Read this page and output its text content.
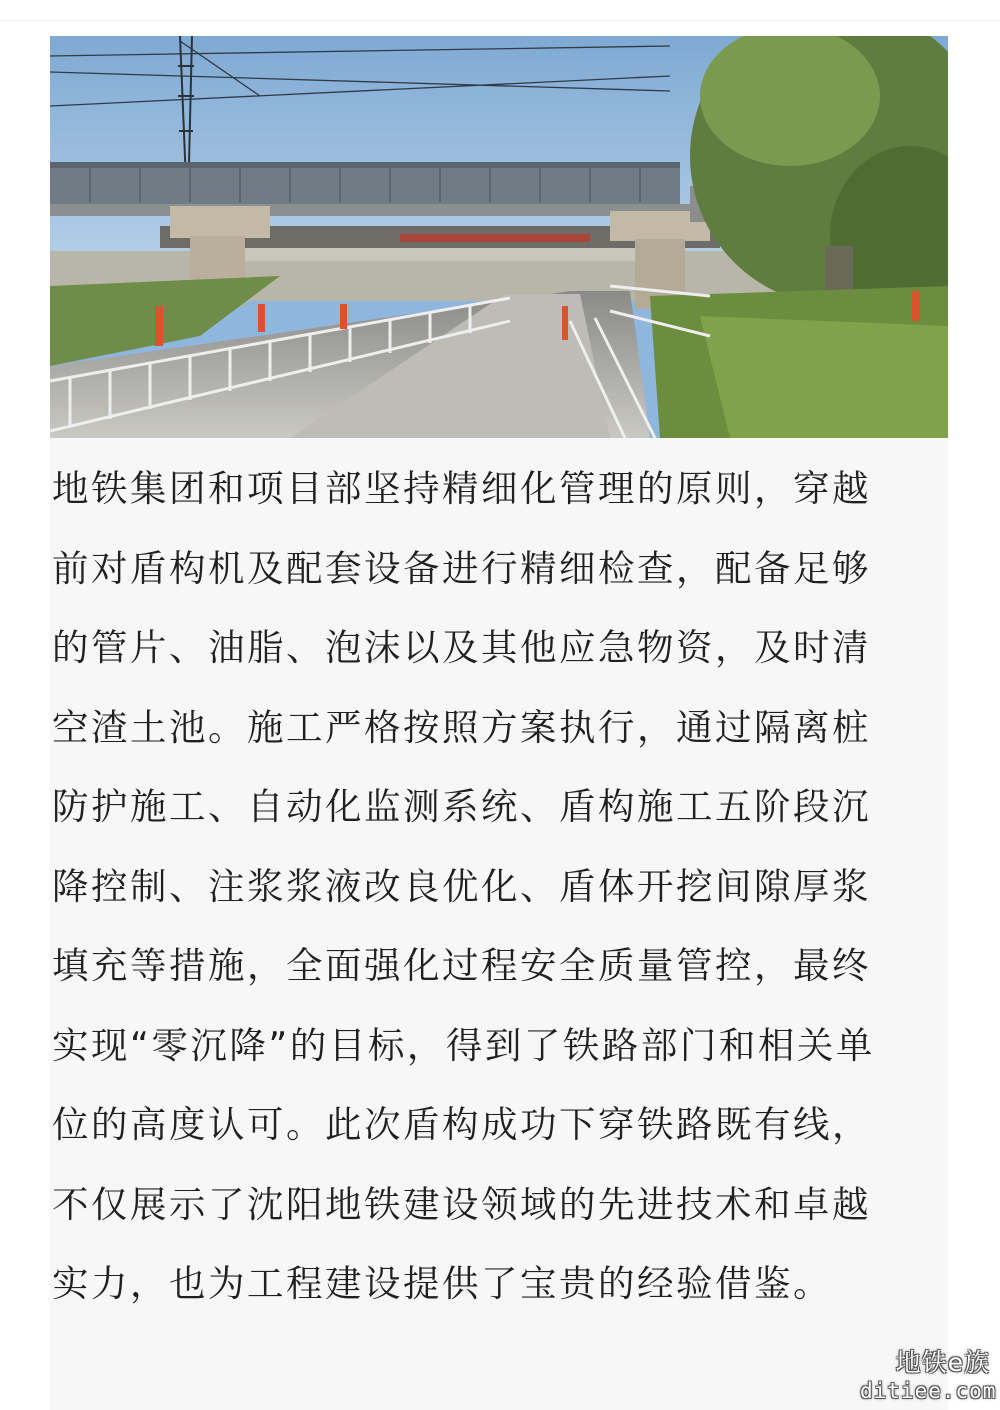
地铁集团和项目部坚持精细化管理的原则，穿越
前对盾构机及配套设备进行精细检查，配备足够
的管片、油脂、泡沫以及其他应急物资，及时清
空渣土池。施工严格按照方案执行，通过隔离桩
防护施工、自动化监测系统、盾构施工五阶段沉
降控制、注浆浆液改良优化、盾体开挖间隙厚浆
填充等措施，全面强化过程安全质量管控，最终
实现“零沉降”的目标，得到了铁路部门和相关单
位的高度认可。此次盾构成功下穿铁路既有线，
不仅展示了沈阳地铁建设领域的先进技术和卓越
实力，也为工程建设提供了宝贵的经验借鉴。

地铁e族
ditiee.com
